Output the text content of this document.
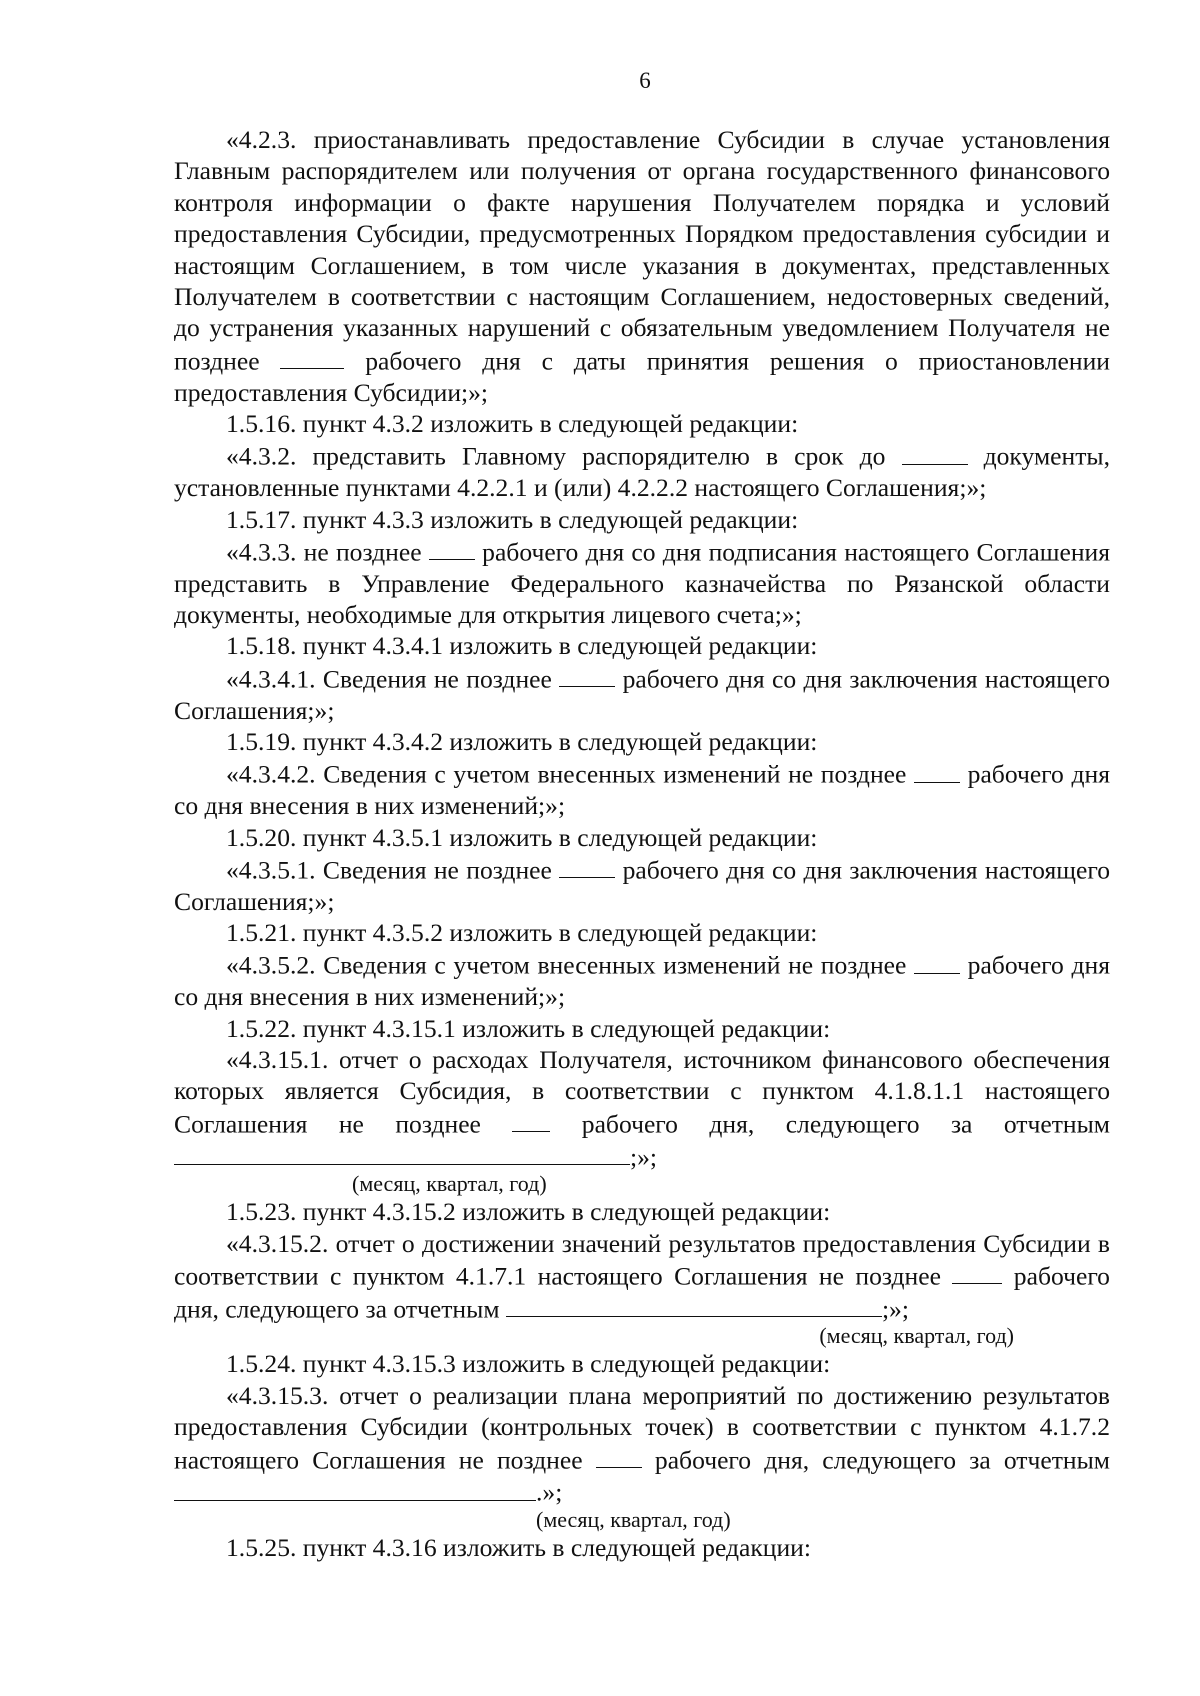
6

«4.2.3. приостанавливать предоставление Субсидии в случае установления Главным распорядителем или получения от органа государственного финансового контроля информации о факте нарушения Получателем порядка и условий предоставления Субсидии, предусмотренных Порядком предоставления субсидии и настоящим Соглашением, в том числе указания в документах, представленных Получателем в соответствии с настоящим Соглашением, недостоверных сведений, до устранения указанных нарушений с обязательным уведомлением Получателя не позднее	рабочего дня с даты принятия решения о приостановлении предоставления Субсидии;»;

1.5.16. пункт 4.3.2 изложить в следующей редакции:

«4.3.2. представить Главному распорядителю в срок до	документы, установленные пунктами 4.2.2.1 и (или) 4.2.2.2 настоящего Соглашения;»;

1.5.17. пункт 4.3.3 изложить в следующей редакции:

«4.3.3. не позднее рабочего дня со дня подписания настоящего Соглашения представить в Управление Федерального казначейства по Рязанской области документы, необходимые для открытия лицевого счета;»;

1.5.18. пункт 4.3.4.1 изложить в следующей редакции:

«4.3.4.1. Сведения не позднее	рабочего дня со дня заключения настоящего Соглашения;»;

1.5.19. пункт 4.3.4.2 изложить в следующей редакции:

«4.3.4.2. Сведения с учетом внесенных изменений не позднее рабочего дня со дня внесения в них изменений;»;

1.5.20. пункт 4.3.5.1 изложить в следующей редакции:

«4.3.5.1. Сведения не позднее	рабочего дня со дня заключения настоящего Соглашения;»;

1.5.21. пункт 4.3.5.2 изложить в следующей редакции:

«4.3.5.2. Сведения с учетом внесенных изменений не позднее рабочего дня со дня внесения в них изменений;»;

1.5.22. пункт 4.3.15.1 изложить в следующей редакции:

«4.3.15.1. отчет о расходах Получателя, источником финансового обеспечения которых является Субсидия, в соответствии с пунктом 4.1.8.1.1 настоящего Соглашения не позднее	рабочего дня, следующего за отчетным ;»;

(месяц, квартал, год)

1.5.23. пункт 4.3.15.2 изложить в следующей редакции:

«4.3.15.2. отчет о достижении значений результатов предоставления Субсидии в соответствии с пунктом 4.1.7.1 настоящего Соглашения не позднее	рабочего дня, следующего за отчетным	;»;

(месяц, квартал, год)

1.5.24. пункт 4.3.15.3 изложить в следующей редакции:

«4.3.15.3. отчет о реализации плана мероприятий по достижению результатов предоставления Субсидии (контрольных точек) в соответствии с пунктом 4.1.7.2 настоящего Соглашения не позднее	рабочего дня, следующего за отчетным .»;

(месяц, квартал, год)

1.5.25. пункт 4.3.16 изложить в следующей редакции:
